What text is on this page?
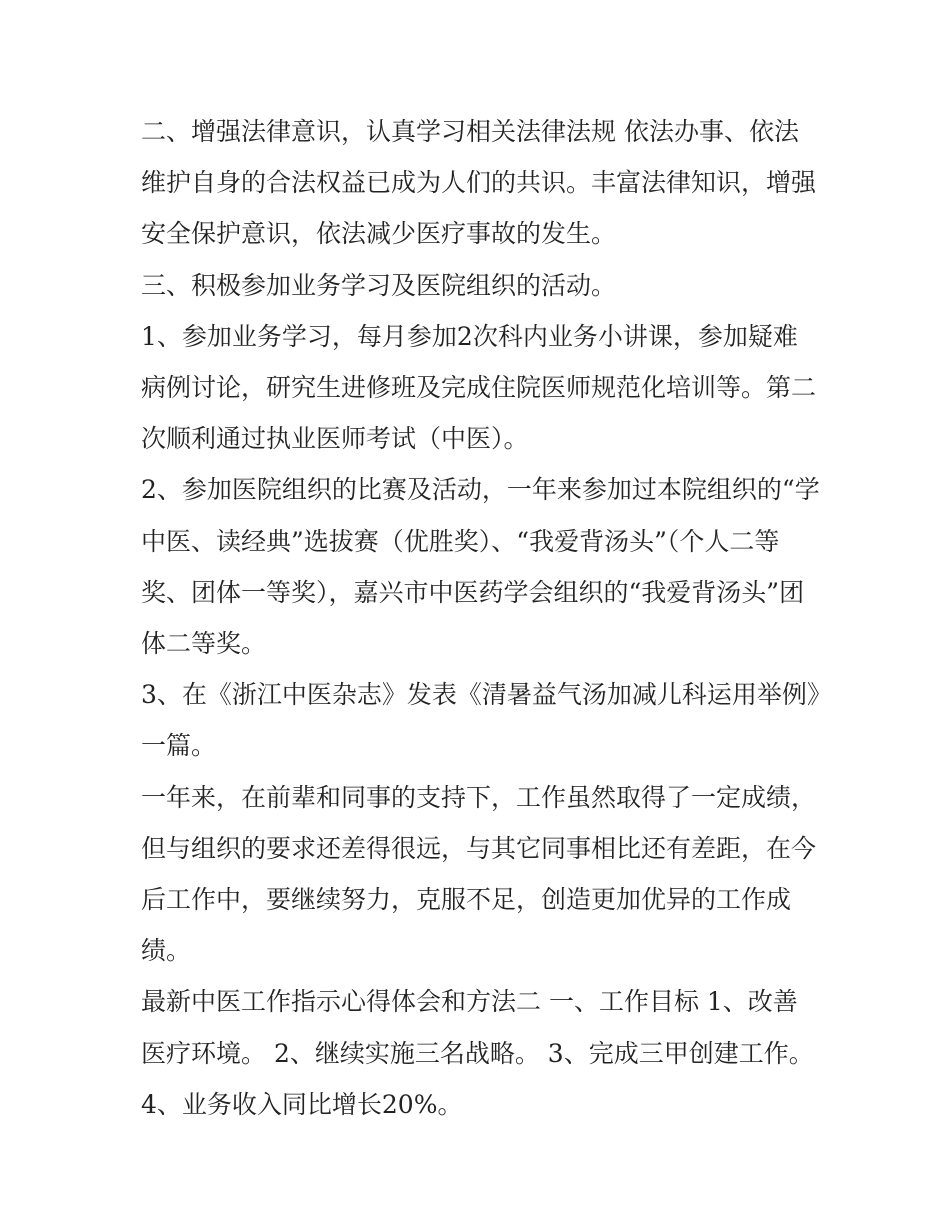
二、增强法律意识，认真学习相关法律法规 依法办事、依法维护自身的合法权益已成为人们的共识。丰富法律知识，增强安全保护意识，依法减少医疗事故的发生。

三、积极参加业务学习及医院组织的活动。

1、参加业务学习，每月参加2次科内业务小讲课，参加疑难病例讨论，研究生进修班及完成住院医师规范化培训等。第二次顺利通过执业医师考试（中医）。

2、参加医院组织的比赛及活动，一年来参加过本院组织的“学中医、读经典”选拔赛（优胜奖）、“我爱背汤头”（个人二等奖、团体一等奖），嘉兴市中医药学会组织的“我爱背汤头”团体二等奖。

3、在《浙江中医杂志》发表《清暑益气汤加减儿科运用举例》一篇。

一年来，在前辈和同事的支持下，工作虽然取得了一定成绩，但与组织的要求还差得很远，与其它同事相比还有差距，在今后工作中，要继续努力，克服不足，创造更加优异的工作成绩。

最新中医工作指示心得体会和方法二 一、工作目标 1、改善医疗环境。 2、继续实施三名战略。 3、完成三甲创建工作。

4、业务收入同比增长20%。
